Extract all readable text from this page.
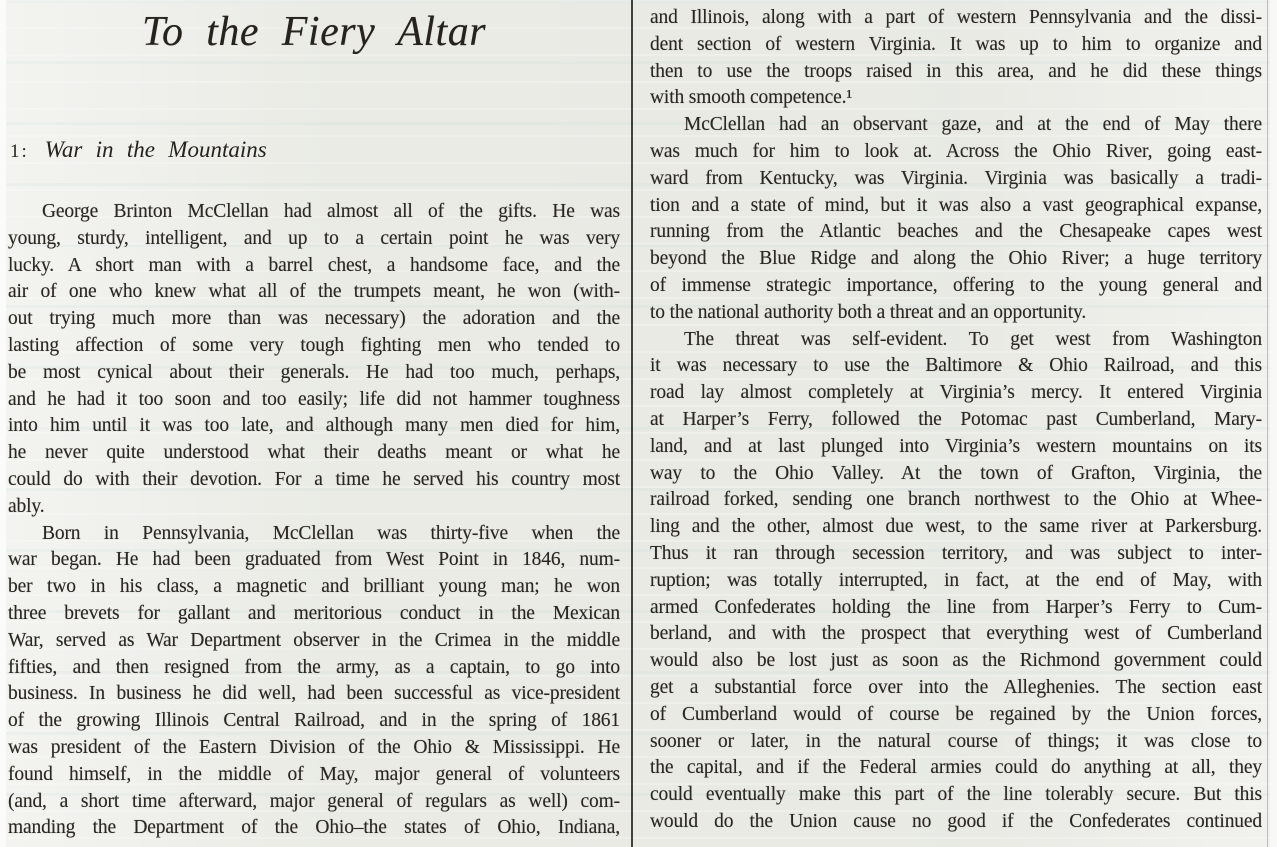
To the Fiery Altar
1: War in the Mountains
George Brinton McClellan had almost all of the gifts. He was
young, sturdy, intelligent, and up to a certain point he was very
lucky. A short man with a barrel chest, a handsome face, and the
air of one who knew what all of the trumpets meant, he won (with-
out trying much more than was necessary) the adoration and the
lasting affection of some very tough fighting men who tended to
be most cynical about their generals. He had too much, perhaps,
and he had it too soon and too easily; life did not hammer toughness
into him until it was too late, and although many men died for him,
he never quite understood what their deaths meant or what he
could do with their devotion. For a time he served his country most
ably.
Born in Pennsylvania, McClellan was thirty-five when the
war began. He had been graduated from West Point in 1846, num-
ber two in his class, a magnetic and brilliant young man; he won
three brevets for gallant and meritorious conduct in the Mexican
War, served as War Department observer in the Crimea in the middle
fifties, and then resigned from the army, as a captain, to go into
business. In business he did well, had been successful as vice-president
of the growing Illinois Central Railroad, and in the spring of 1861
was president of the Eastern Division of the Ohio & Mississippi. He
found himself, in the middle of May, major general of volunteers
(and, a short time afterward, major general of regulars as well) com-
manding the Department of the Ohio–the states of Ohio, Indiana,
and Illinois, along with a part of western Pennsylvania and the dissi-
dent section of western Virginia. It was up to him to organize and
then to use the troops raised in this area, and he did these things
with smooth competence.¹
McClellan had an observant gaze, and at the end of May there
was much for him to look at. Across the Ohio River, going east-
ward from Kentucky, was Virginia. Virginia was basically a tradi-
tion and a state of mind, but it was also a vast geographical expanse,
running from the Atlantic beaches and the Chesapeake capes west
beyond the Blue Ridge and along the Ohio River; a huge territory
of immense strategic importance, offering to the young general and
to the national authority both a threat and an opportunity.
The threat was self-evident. To get west from Washington
it was necessary to use the Baltimore & Ohio Railroad, and this
road lay almost completely at Virginia’s mercy. It entered Virginia
at Harper’s Ferry, followed the Potomac past Cumberland, Mary-
land, and at last plunged into Virginia’s western mountains on its
way to the Ohio Valley. At the town of Grafton, Virginia, the
railroad forked, sending one branch northwest to the Ohio at Whee-
ling and the other, almost due west, to the same river at Parkersburg.
Thus it ran through secession territory, and was subject to inter-
ruption; was totally interrupted, in fact, at the end of May, with
armed Confederates holding the line from Harper’s Ferry to Cum-
berland, and with the prospect that everything west of Cumberland
would also be lost just as soon as the Richmond government could
get a substantial force over into the Alleghenies. The section east
of Cumberland would of course be regained by the Union forces,
sooner or later, in the natural course of things; it was close to
the capital, and if the Federal armies could do anything at all, they
could eventually make this part of the line tolerably secure. But this
would do the Union cause no good if the Confederates continued
